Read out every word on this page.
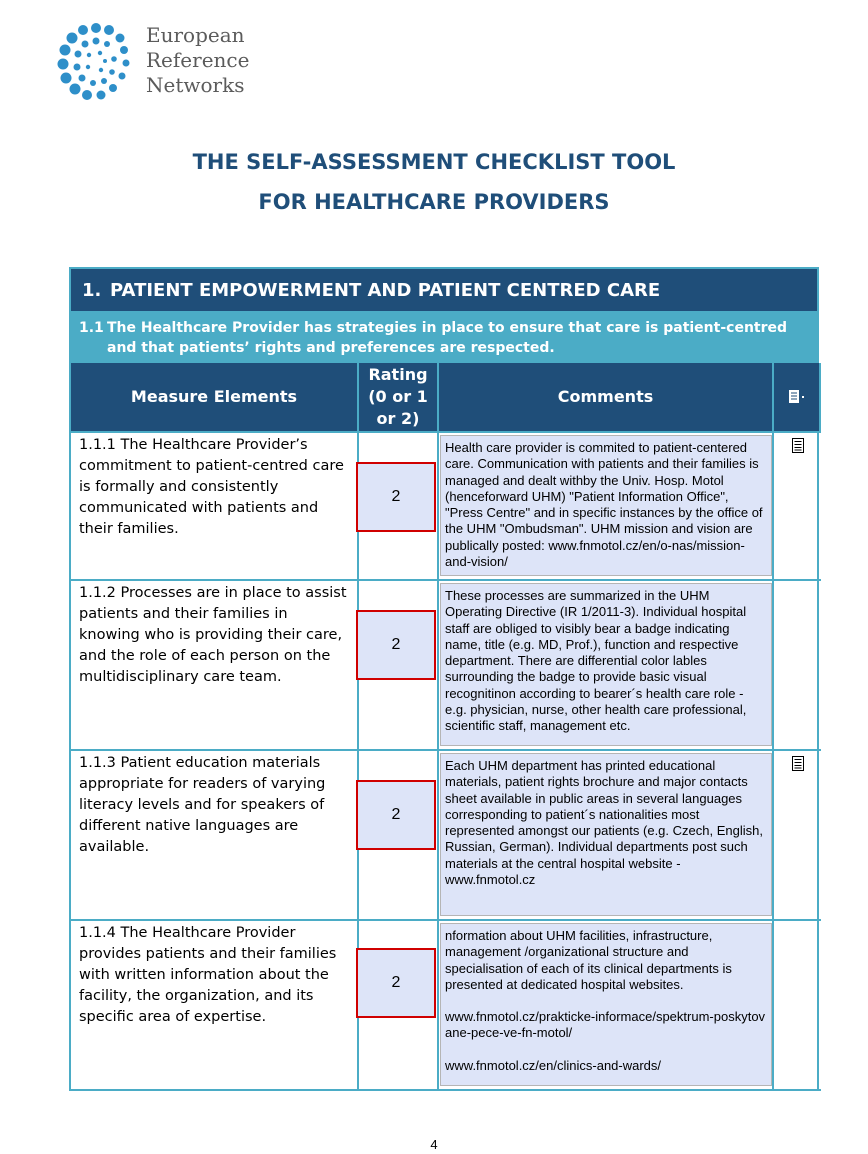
European
Reference
Networks
THE SELF-ASSESSMENT CHECKLIST TOOL
FOR HEALTHCARE PROVIDERS
1. PATIENT EMPOWERMENT AND PATIENT CENTRED CARE
1.1 The Healthcare Provider has strategies in place to ensure that care is patient-centred and that patients’ rights and preferences are respected.
Measure Elements
Rating
(0 or 1
or 2)
Comments
1.1.1 The Healthcare Provider’s commitment to patient-centred care is formally and consistently communicated with patients and their families.
2

Health care provider is commited to patient-centered care. Communication with patients and their families is managed and dealt withby the Univ. Hosp. Motol (henceforward UHM) "Patient Information Office", "Press Centre" and in specific instances by the office of the UHM "Ombudsman". UHM mission and vision are publically posted: www.fnmotol.cz/en/o-nas/mission-and-vision/

1.1.2 Processes are in place to assist patients and their families in knowing who is providing their care, and the role of each person on the multidisciplinary care team.
2

These processes are summarized in the UHM Operating Directive (IR 1/2011-3). Individual hospital staff are obliged to visibly bear a badge indicating name, title (e.g. MD, Prof.), function and respective department. There are differential color lables surrounding the badge to provide basic visual recognitinon according to bearer´s health care role - e.g. physician, nurse, other health care professional, scientific staff, management etc.

1.1.3 Patient education materials appropriate for readers of varying literacy levels and for speakers of different native languages are available.
2

Each UHM department has printed educational materials, patient rights brochure and major contacts sheet available in public areas in several languages corresponding to patient´s nationalities most represented amongst our patients (e.g. Czech, English, Russian, German). Individual departments post such materials at the central hospital website - www.fnmotol.cz

1.1.4 The Healthcare Provider provides patients and their families with written information about the facility, the organization, and its specific area of expertise.
2

nformation about UHM facilities, infrastructure, management /organizational structure and specialisation of each of its clinical departments is presented at dedicated hospital websites.

www.fnmotol.cz/prakticke-informace/spektrum-poskytovane-pece-ve-fn-motol/

www.fnmotol.cz/en/clinics-and-wards/

4
